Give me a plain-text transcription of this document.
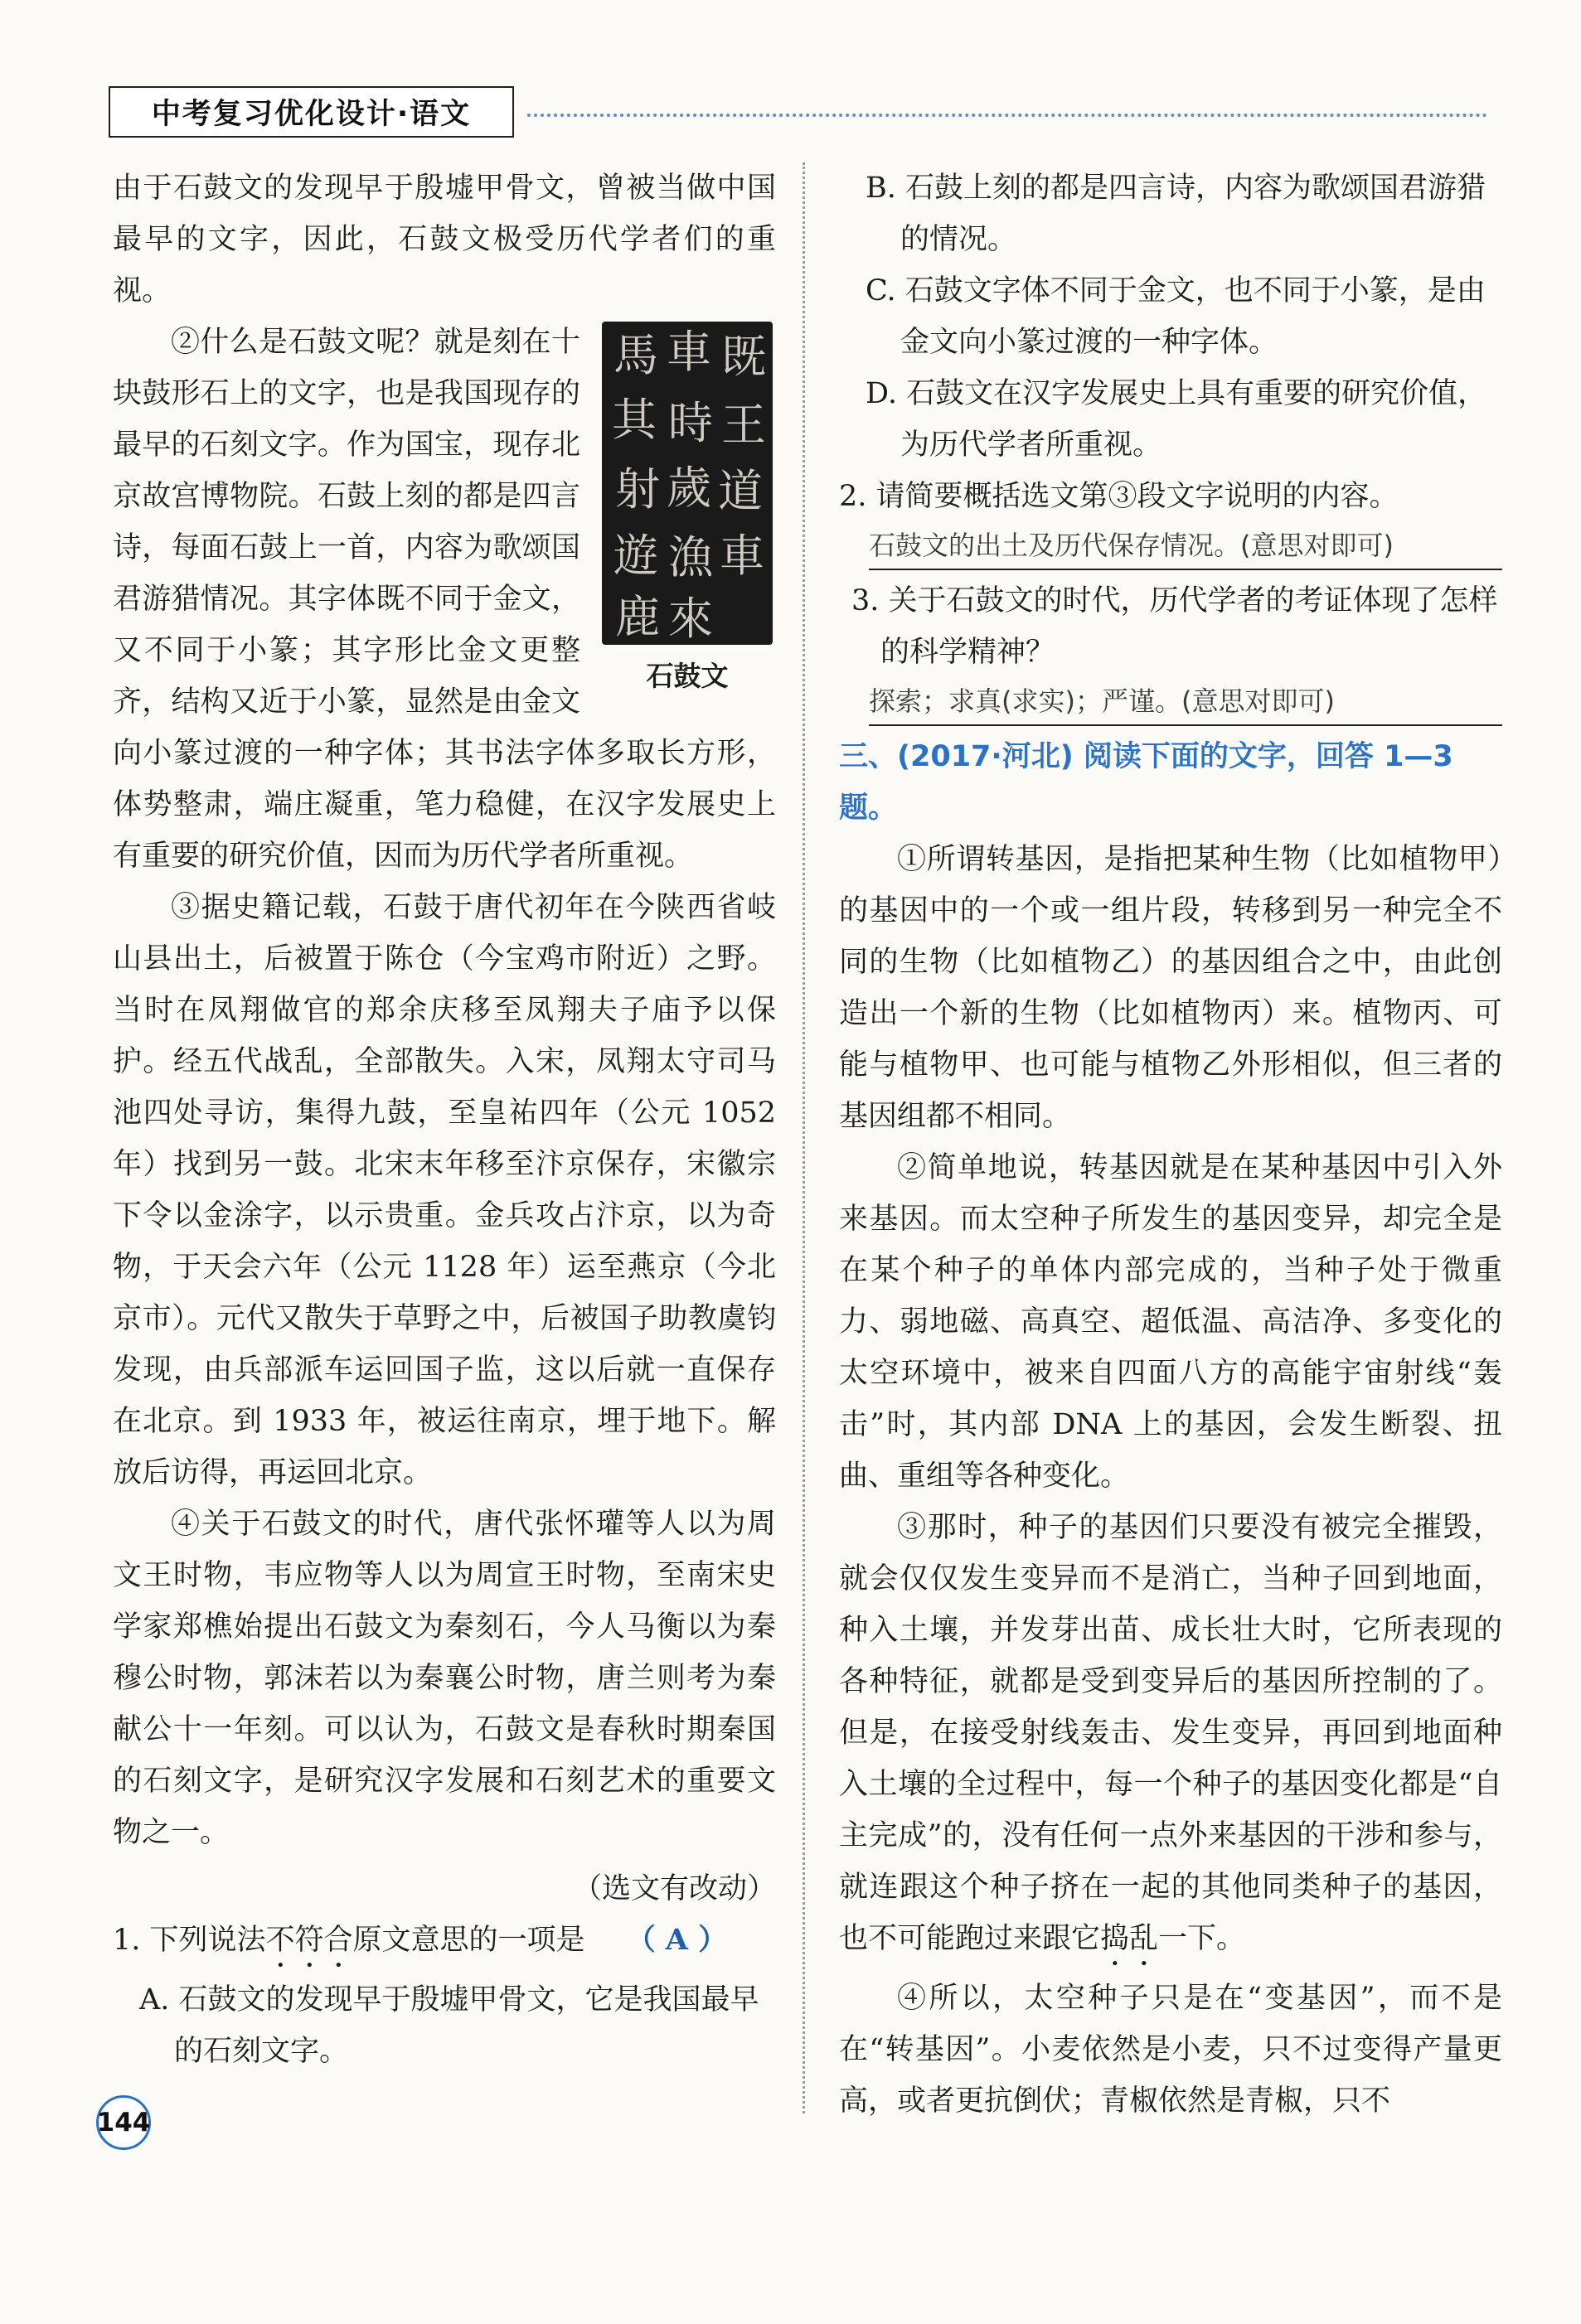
中考复习优化设计·语文

由于石鼓文的发现早于殷墟甲骨文，曾被当做中国最早的文字，因此，石鼓文极受历代学者们的重视。

馬 車 既
其 時 王
射 歲 道
遊 漁 車
鹿 來
石鼓文

②什么是石鼓文呢？就是刻在十块鼓形石上的文字，也是我国现存的最早的石刻文字。作为国宝，现存北京故宫博物院。石鼓上刻的都是四言诗，每面石鼓上一首，内容为歌颂国君游猎情况。其字体既不同于金文，又不同于小篆；其字形比金文更整齐，结构又近于小篆，显然是由金文向小篆过渡的一种字体；其书法字体多取长方形，体势整肃，端庄凝重，笔力稳健，在汉字发展史上有重要的研究价值，因而为历代学者所重视。

③据史籍记载，石鼓于唐代初年在今陕西省岐山县出土，后被置于陈仓（今宝鸡市附近）之野。当时在凤翔做官的郑余庆移至凤翔夫子庙予以保护。经五代战乱，全部散失。入宋，凤翔太守司马池四处寻访，集得九鼓，至皇祐四年（公元 1052 年）找到另一鼓。北宋末年移至汴京保存，宋徽宗下令以金涂字，以示贵重。金兵攻占汴京，以为奇物，于天会六年（公元 1128 年）运至燕京（今北京市）。元代又散失于草野之中，后被国子助教虞钧发现，由兵部派车运回国子监，这以后就一直保存在北京。到 1933 年，被运往南京，埋于地下。解放后访得，再运回北京。

④关于石鼓文的时代，唐代张怀瓘等人以为周文王时物，韦应物等人以为周宣王时物，至南宋史学家郑樵始提出石鼓文为秦刻石，今人马衡以为秦穆公时物，郭沫若以为秦襄公时物，唐兰则考为秦献公十一年刻。可以认为，石鼓文是春秋时期秦国的石刻文字，是研究汉字发展和石刻艺术的重要文物之一。

（选文有改动）

1. 下列说法不符合原文意思的一项是 （ A ）

A. 石鼓文的发现早于殷墟甲骨文，它是我国最早的石刻文字。

B. 石鼓上刻的都是四言诗，内容为歌颂国君游猎的情况。

C. 石鼓文字体不同于金文，也不同于小篆，是由金文向小篆过渡的一种字体。

D. 石鼓文在汉字发展史上具有重要的研究价值，为历代学者所重视。

2. 请简要概括选文第③段文字说明的内容。

石鼓文的出土及历代保存情况。(意思对即可)

3. 关于石鼓文的时代，历代学者的考证体现了怎样的科学精神？

探索；求真(求实)；严谨。(意思对即可)

三、(2017·河北) 阅读下面的文字，回答 1—3 题。

①所谓转基因，是指把某种生物（比如植物甲）的基因中的一个或一组片段，转移到另一种完全不同的生物（比如植物乙）的基因组合之中，由此创造出一个新的生物（比如植物丙）来。植物丙、可能与植物甲、也可能与植物乙外形相似，但三者的基因组都不相同。

②简单地说，转基因就是在某种基因中引入外来基因。而太空种子所发生的基因变异，却完全是在某个种子的单体内部完成的，当种子处于微重力、弱地磁、高真空、超低温、高洁净、多变化的太空环境中，被来自四面八方的高能宇宙射线“轰击”时，其内部 DNA 上的基因，会发生断裂、扭曲、重组等各种变化。

③那时，种子的基因们只要没有被完全摧毁，就会仅仅发生变异而不是消亡，当种子回到地面，种入土壤，并发芽出苗、成长壮大时，它所表现的各种特征，就都是受到变异后的基因所控制的了。但是，在接受射线轰击、发生变异，再回到地面种入土壤的全过程中，每一个种子的基因变化都是“自主完成”的，没有任何一点外来基因的干涉和参与，就连跟这个种子挤在一起的其他同类种子的基因，也不可能跑过来跟它捣乱一下。

④所以，太空种子只是在“变基因”，而不是在“转基因”。小麦依然是小麦，只不过变得产量更高，或者更抗倒伏；青椒依然是青椒，只不

144
